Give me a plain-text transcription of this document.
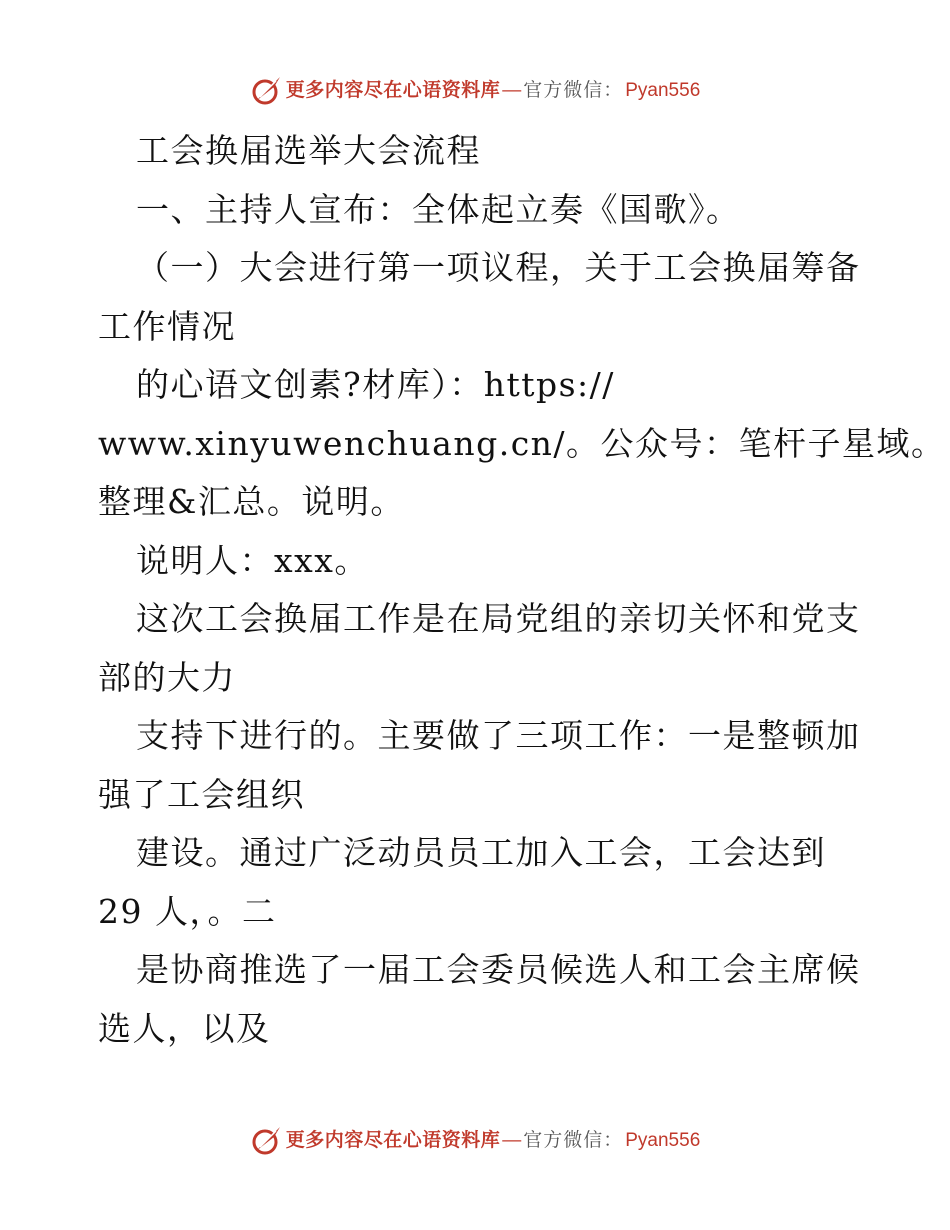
更多内容尽在心语资料库 — 官方微信： Pyan556
工会换届选举大会流程
一、主持人宣布：全体起立奏《国歌》。
（一）大会进行第一项议程，关于工会换届筹备
工作情况
的心语文创素?材库）：https://
www.xinyuwenchuang.cn/。公众号：笔杆子星域。
整理&汇总。说明。
说明人：xxx。
这次工会换届工作是在局党组的亲切关怀和党支
部的大力
支持下进行的。主要做了三项工作：一是整顿加
强了工会组织
建设。通过广泛动员员工加入工会，工会达到
29 人，。二
是协商推选了一届工会委员候选人和工会主席候
选人，以及
更多内容尽在心语资料库 — 官方微信： Pyan556
